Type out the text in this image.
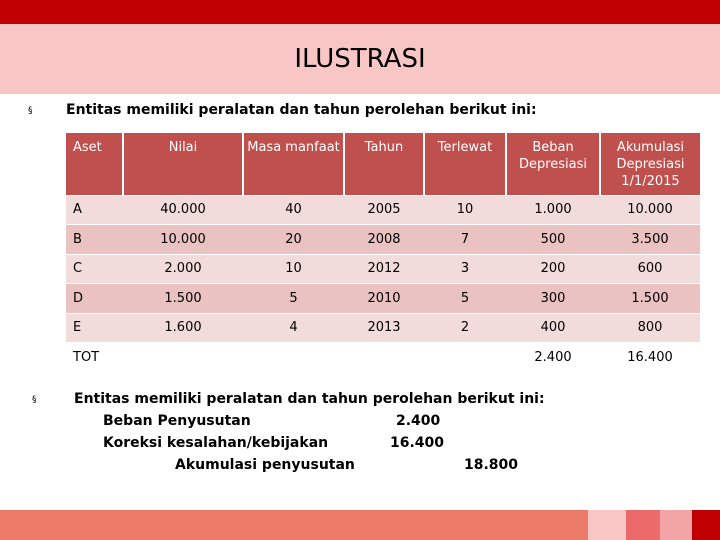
ILUSTRASI
§ Entitas memiliki peralatan dan tahun perolehan berikut ini:
Aset	Nilai	Masa manfaat	Tahun	Terlewat	Beban Depresiasi	Akumulasi Depresiasi 1/1/2015
A	40.000	40	2005	10	1.000	10.000
B	10.000	20	2008	7	500	3.500
C	2.000	10	2012	3	200	600
D	1.500	5	2010	5	300	1.500
E	1.600	4	2013	2	400	800
TOT					2.400	16.400
§	Entitas memiliki peralatan dan tahun perolehan berikut ini:
Beban Penyusutan	2.400
Koreksi kesalahan/kebijakan	16.400
Akumulasi penyusutan	18.800
